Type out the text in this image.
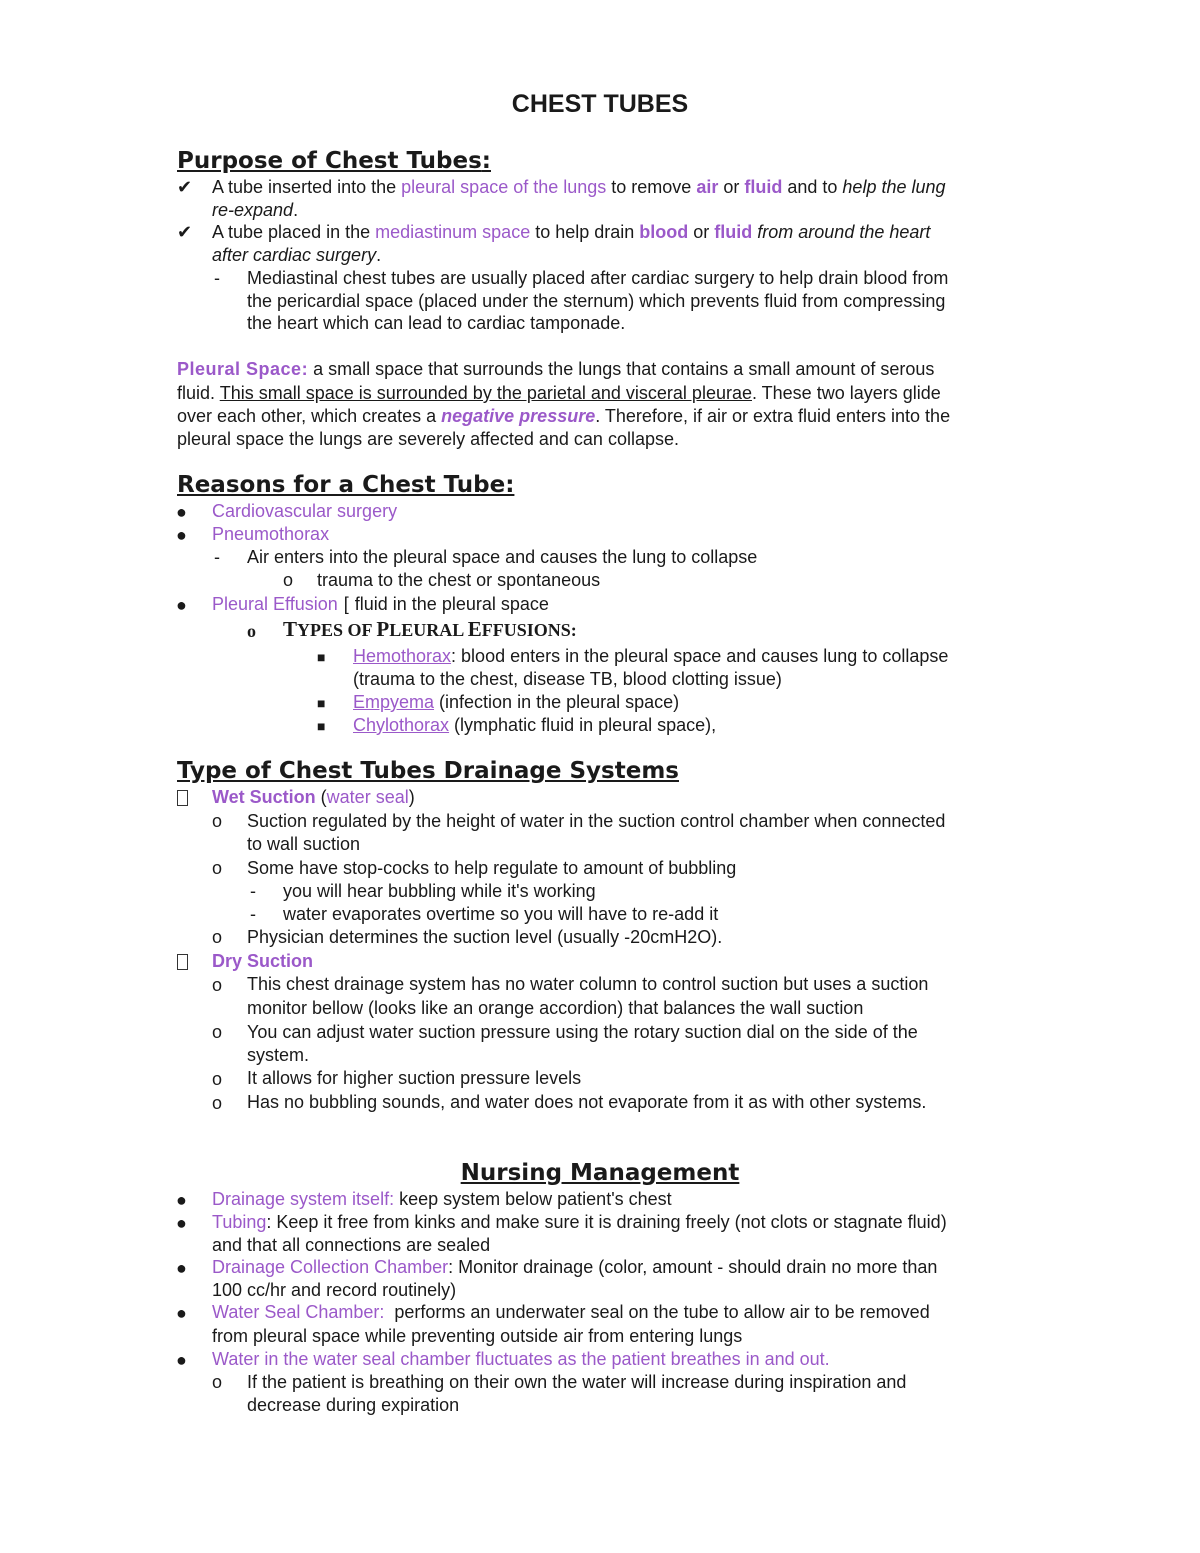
CHEST TUBES
Purpose of Chest Tubes:
✔ A tube inserted into the pleural space of the lungs to remove air or fluid and to help the lung
re-expand.
✔ A tube placed in the mediastinum space to help drain blood or fluid from around the heart
after cardiac surgery.
- Mediastinal chest tubes are usually placed after cardiac surgery to help drain blood from
the pericardial space (placed under the sternum) which prevents fluid from compressing
the heart which can lead to cardiac tamponade.
Pleural Space: a small space that surrounds the lungs that contains a small amount of serous
fluid. This small space is surrounded by the parietal and visceral pleurae. These two layers glide
over each other, which creates a negative pressure. Therefore, if air or extra fluid enters into the
pleural space the lungs are severely affected and can collapse.
Reasons for a Chest Tube:
● Cardiovascular surgery
● Pneumothorax
- Air enters into the pleural space and causes the lung to collapse
o trauma to the chest or spontaneous
● Pleural Effusion [ fluid in the pleural space
o TYPES OF PLEURAL EFFUSIONS:
■ Hemothorax: blood enters in the pleural space and causes lung to collapse
(trauma to the chest, disease TB, blood clotting issue)
■ Empyema (infection in the pleural space)
■ Chylothorax (lymphatic fluid in pleural space),
Type of Chest Tubes Drainage Systems
Wet Suction (water seal)
o Suction regulated by the height of water in the suction control chamber when connected
to wall suction
o Some have stop-cocks to help regulate to amount of bubbling
- you will hear bubbling while it's working
- water evaporates overtime so you will have to re-add it
o Physician determines the suction level (usually -20cmH2O).
Dry Suction
o This chest drainage system has no water column to control suction but uses a suction
monitor bellow (looks like an orange accordion) that balances the wall suction
o You can adjust water suction pressure using the rotary suction dial on the side of the
system.
o It allows for higher suction pressure levels
o Has no bubbling sounds, and water does not evaporate from it as with other systems.
Nursing Management
● Drainage system itself: keep system below patient's chest
● Tubing: Keep it free from kinks and make sure it is draining freely (not clots or stagnate fluid)
and that all connections are sealed
● Drainage Collection Chamber: Monitor drainage (color, amount - should drain no more than
100 cc/hr and record routinely)
● Water Seal Chamber:  performs an underwater seal on the tube to allow air to be removed
from pleural space while preventing outside air from entering lungs
● Water in the water seal chamber fluctuates as the patient breathes in and out.
o If the patient is breathing on their own the water will increase during inspiration and
decrease during expiration
